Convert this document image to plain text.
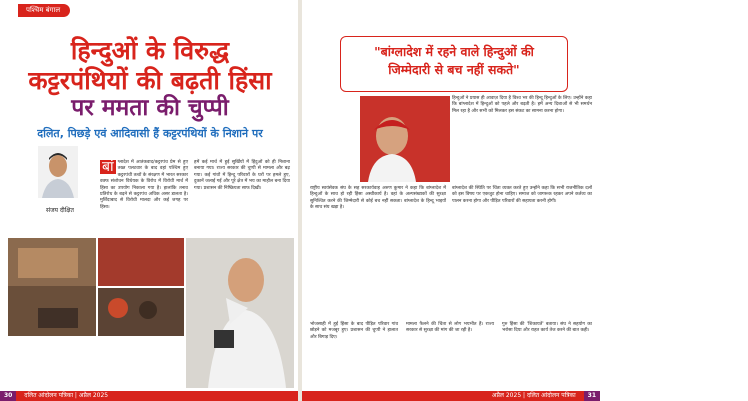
पश्चिम बंगाल
हिन्दुओं के विरुद्ध
कट्टरपंथियों की बढ़ती हिंसा
पर ममता की चुप्पी
दलित, पिछड़े एवं आदिवासी हैं कट्टरपंथियों के निशाने पर
संजय दीक्षित
बां ग्लादेश में आतंकवाद/कट्टरपंथ प्रेम से हुए तख्त पलटवार के बाद वहां पश्चिम हुए कट्टरपंथी तत्वों के संरक्षण में भारत सरकार वक्फ संशोधन विधेयक के विरोध में विरोधी मार्च में हिंसा का उपयोग निकाला गया है। हालांकि तनाव प्रतिरोध के बढ़ने से कट्टरपंथ अधिक असर डालता है। मुर्शिदाबाद से विरोधी मालदा और कई जगह पर हिंसा।
हमें कई मार्च में हुई सुर्खियों में हिंदुओं को ही निशाना बनाया गया। राज्य सरकार की चुप्पी से मामला और बढ़ गया। कई गांवों में हिन्दू परिवारों के घरों पर हमले हुए, दुकानें जलाई गईं और पूरे क्षेत्र में भय का माहौल बना दिया गया। प्रशासन की निष्क्रियता साफ दिखी।
30 दलित आंदोलन पत्रिका | अप्रैल 2025
"बांग्लादेश में रहने वाले हिन्दुओं की
जिम्मेदारी से बच नहीं सकते"
राष्ट्रीय स्वयंसेवक संघ के सह सरकार्यवाह अरुण कुमार
राष्ट्रीय स्वयंसेवक संघ के सह सरकार्यवाह अरुण कुमार ने कहा कि बांग्लादेश में हिन्दुओं के साथ हो रही हिंसा अस्वीकार्य है। वहां के अल्पसंख्यकों की सुरक्षा सुनिश्चित करने की जिम्मेदारी से कोई बच नहीं सकता। बांग्लादेश के हिन्दू भाइयों के साथ संघ खड़ा है।
हिन्दुओं ने प्रयास ही आवाज़ दिया है विश्व भर की हिन्दू हिन्दुओं के लिए। उन्होंने कहा कि बांग्लादेश में हिन्दुओं को पहले और बढ़ती है। हमें अन्य दिशाओं से भी समर्थन मिल रहा है और सभी को मिलकर इस संकट का सामना करना होगा।
बांग्लादेश की स्थिति पर चिंता व्यक्त करते हुए उन्होंने कहा कि सभी राजनीतिक दलों को इस विषय पर एकजुट होना चाहिए। समाज को जागरूक रहकर अपने कर्तव्य का पालन करना होगा और पीड़ित परिवारों की सहायता करनी होगी।
भोजसाही में हुई हिंसा के बाद पीड़ित परिवार गांव छोड़ने को मजबूर हुए। प्रशासन की चुप्पी ने हालात और बिगाड़ दिए।
मामला फैलने की चिंता से लोग भयभीत हैं। राज्य सरकार से सुरक्षा की मांग की जा रही है।
गुरु हिंसा की 'शिकायतें' बताया। संघ ने सहयोग का भरोसा दिया और राहत कार्य तेज करने की बात कही।
अप्रैल 2025 | दलित आंदोलन पत्रिका 31
